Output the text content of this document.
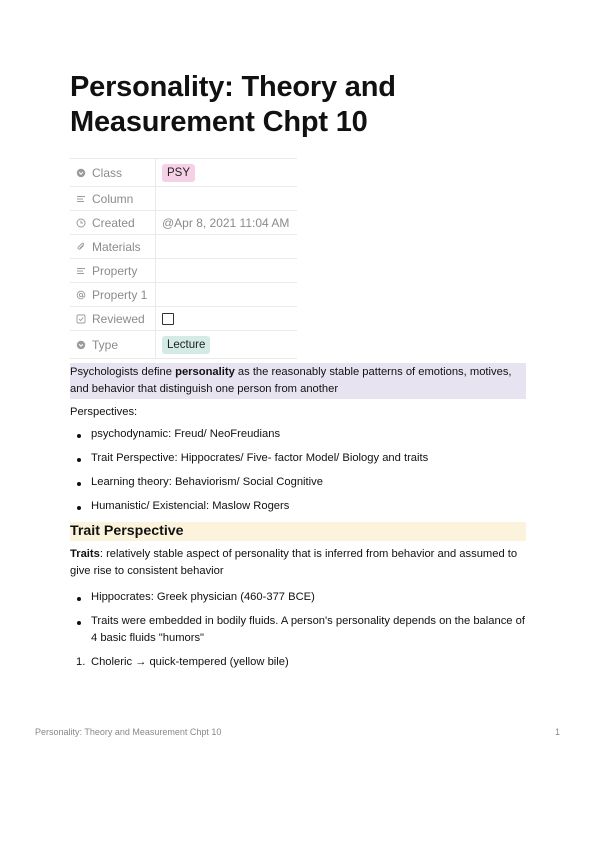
Personality: Theory and Measurement Chpt 10
Class	PSY
Column
Created	@Apr 8, 2021 11:04 AM
Materials
Property
Property 1
Reviewed
Type	Lecture
Psychologists define personality as the reasonably stable patterns of emotions, motives, and behavior that distinguish one person from another

Perspectives:

psychodynamic: Freud/ NeoFreudians
Trait Perspective: Hippocrates/ Five- factor Model/ Biology and traits
Learning theory: Behaviorism/ Social Cognitive
Humanistic/ Existencial: Maslow Rogers
Trait Perspective

Traits: relatively stable aspect of personality that is inferred from behavior and assumed to give rise to consistent behavior

Hippocrates: Greek physician (460-377 BCE)
Traits were embedded in bodily fluids. A person's personality depends on the balance of 4 basic fluids "humors"
1. Choleric → quick-tempered (yellow bile)
Personality: Theory and Measurement Chpt 10	1
